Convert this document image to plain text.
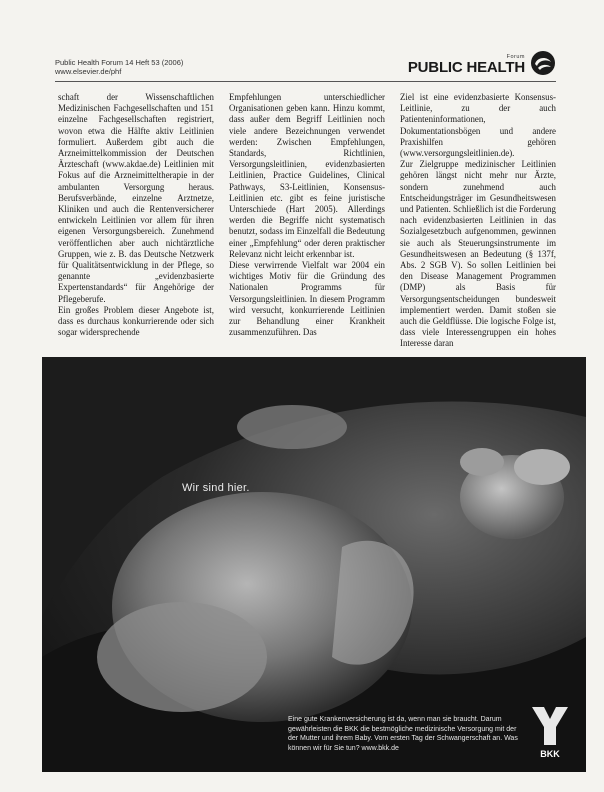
Public Health Forum 14 Heft 53 (2006)
www.elsevier.de/phf
Forum
PUBLIC HEALTH

schaft der Wissenschaftlichen Medizinischen Fachgesellschaften und 151 einzelne Fachgesellschaften registriert, wovon etwa die Hälfte aktiv Leitlinien formuliert. Außerdem gibt auch die Arzneimittelkommission der Deutschen Ärzteschaft (www.akdae.de) Leitlinien mit Fokus auf die Arzneimitteltherapie in der ambulanten Versorgung heraus. Berufsverbände, einzelne Arztnetze, Kliniken und auch die Rentenversicherer entwickeln Leitlinien vor allem für ihren eigenen Versorgungsbereich. Zunehmend veröffentlichen aber auch nichtärztliche Gruppen, wie z. B. das Deutsche Netzwerk für Qualitätsentwicklung in der Pflege, so genannte „evidenzbasierte Expertenstandards“ für Angehörige der Pflegeberufe.

Ein großes Problem dieser Angebote ist, dass es durchaus konkurrierende oder sich sogar widersprechende

Empfehlungen unterschiedlicher Organisationen geben kann. Hinzu kommt, dass außer dem Begriff Leitlinien noch viele andere Bezeichnungen verwendet werden: Zwischen Empfehlungen, Standards, Richtlinien, Versorgungsleitlinien, evidenzbasierten Leitlinien, Practice Guidelines, Clinical Pathways, S3-Leitlinien, Konsensus-Leitlinien etc. gibt es feine juristische Unterschiede (Hart 2005). Allerdings werden die Begriffe nicht systematisch benutzt, sodass im Einzelfall die Bedeutung einer „Empfehlung“ oder deren praktischer Relevanz nicht leicht erkennbar ist.

Diese verwirrende Vielfalt war 2004 ein wichtiges Motiv für die Gründung des Nationalen Programms für Versorgungsleitlinien. In diesem Programm wird versucht, konkurrierende Leitlinien zur Behandlung einer Krankheit zusammenzuführen. Das

Ziel ist eine evidenzbasierte Konsensus-Leitlinie, zu der auch Patienteninformationen, Dokumentationsbögen und andere Praxishilfen gehören (www.versorgungsleitlinien.de).

Zur Zielgruppe medizinischer Leitlinien gehören längst nicht mehr nur Ärzte, sondern zunehmend auch Entscheidungsträger im Gesundheitswesen und Patienten. Schließlich ist die Forderung nach evidenzbasierten Leitlinien in das Sozialgesetzbuch aufgenommen, gewinnen sie auch als Steuerungsinstrumente im Gesundheitswesen an Bedeutung (§ 137f, Abs. 2 SGB V). So sollen Leitlinien bei den Disease Management Programmen (DMP) als Basis für Versorgungsentscheidungen bundesweit implementiert werden. Damit stoßen sie auch die Geldflüsse. Die logische Folge ist, dass viele Interessengruppen ein hohes Interesse daran

Wir sind hier.
Eine gute Krankenversicherung ist da, wenn man sie braucht. Darum gewährleisten die BKK die bestmögliche medizinische Versorgung mit der der Mutter und ihrem Baby. Vom ersten Tag der Schwangerschaft an. Was können wir für Sie tun? www.bkk.de
BKK
